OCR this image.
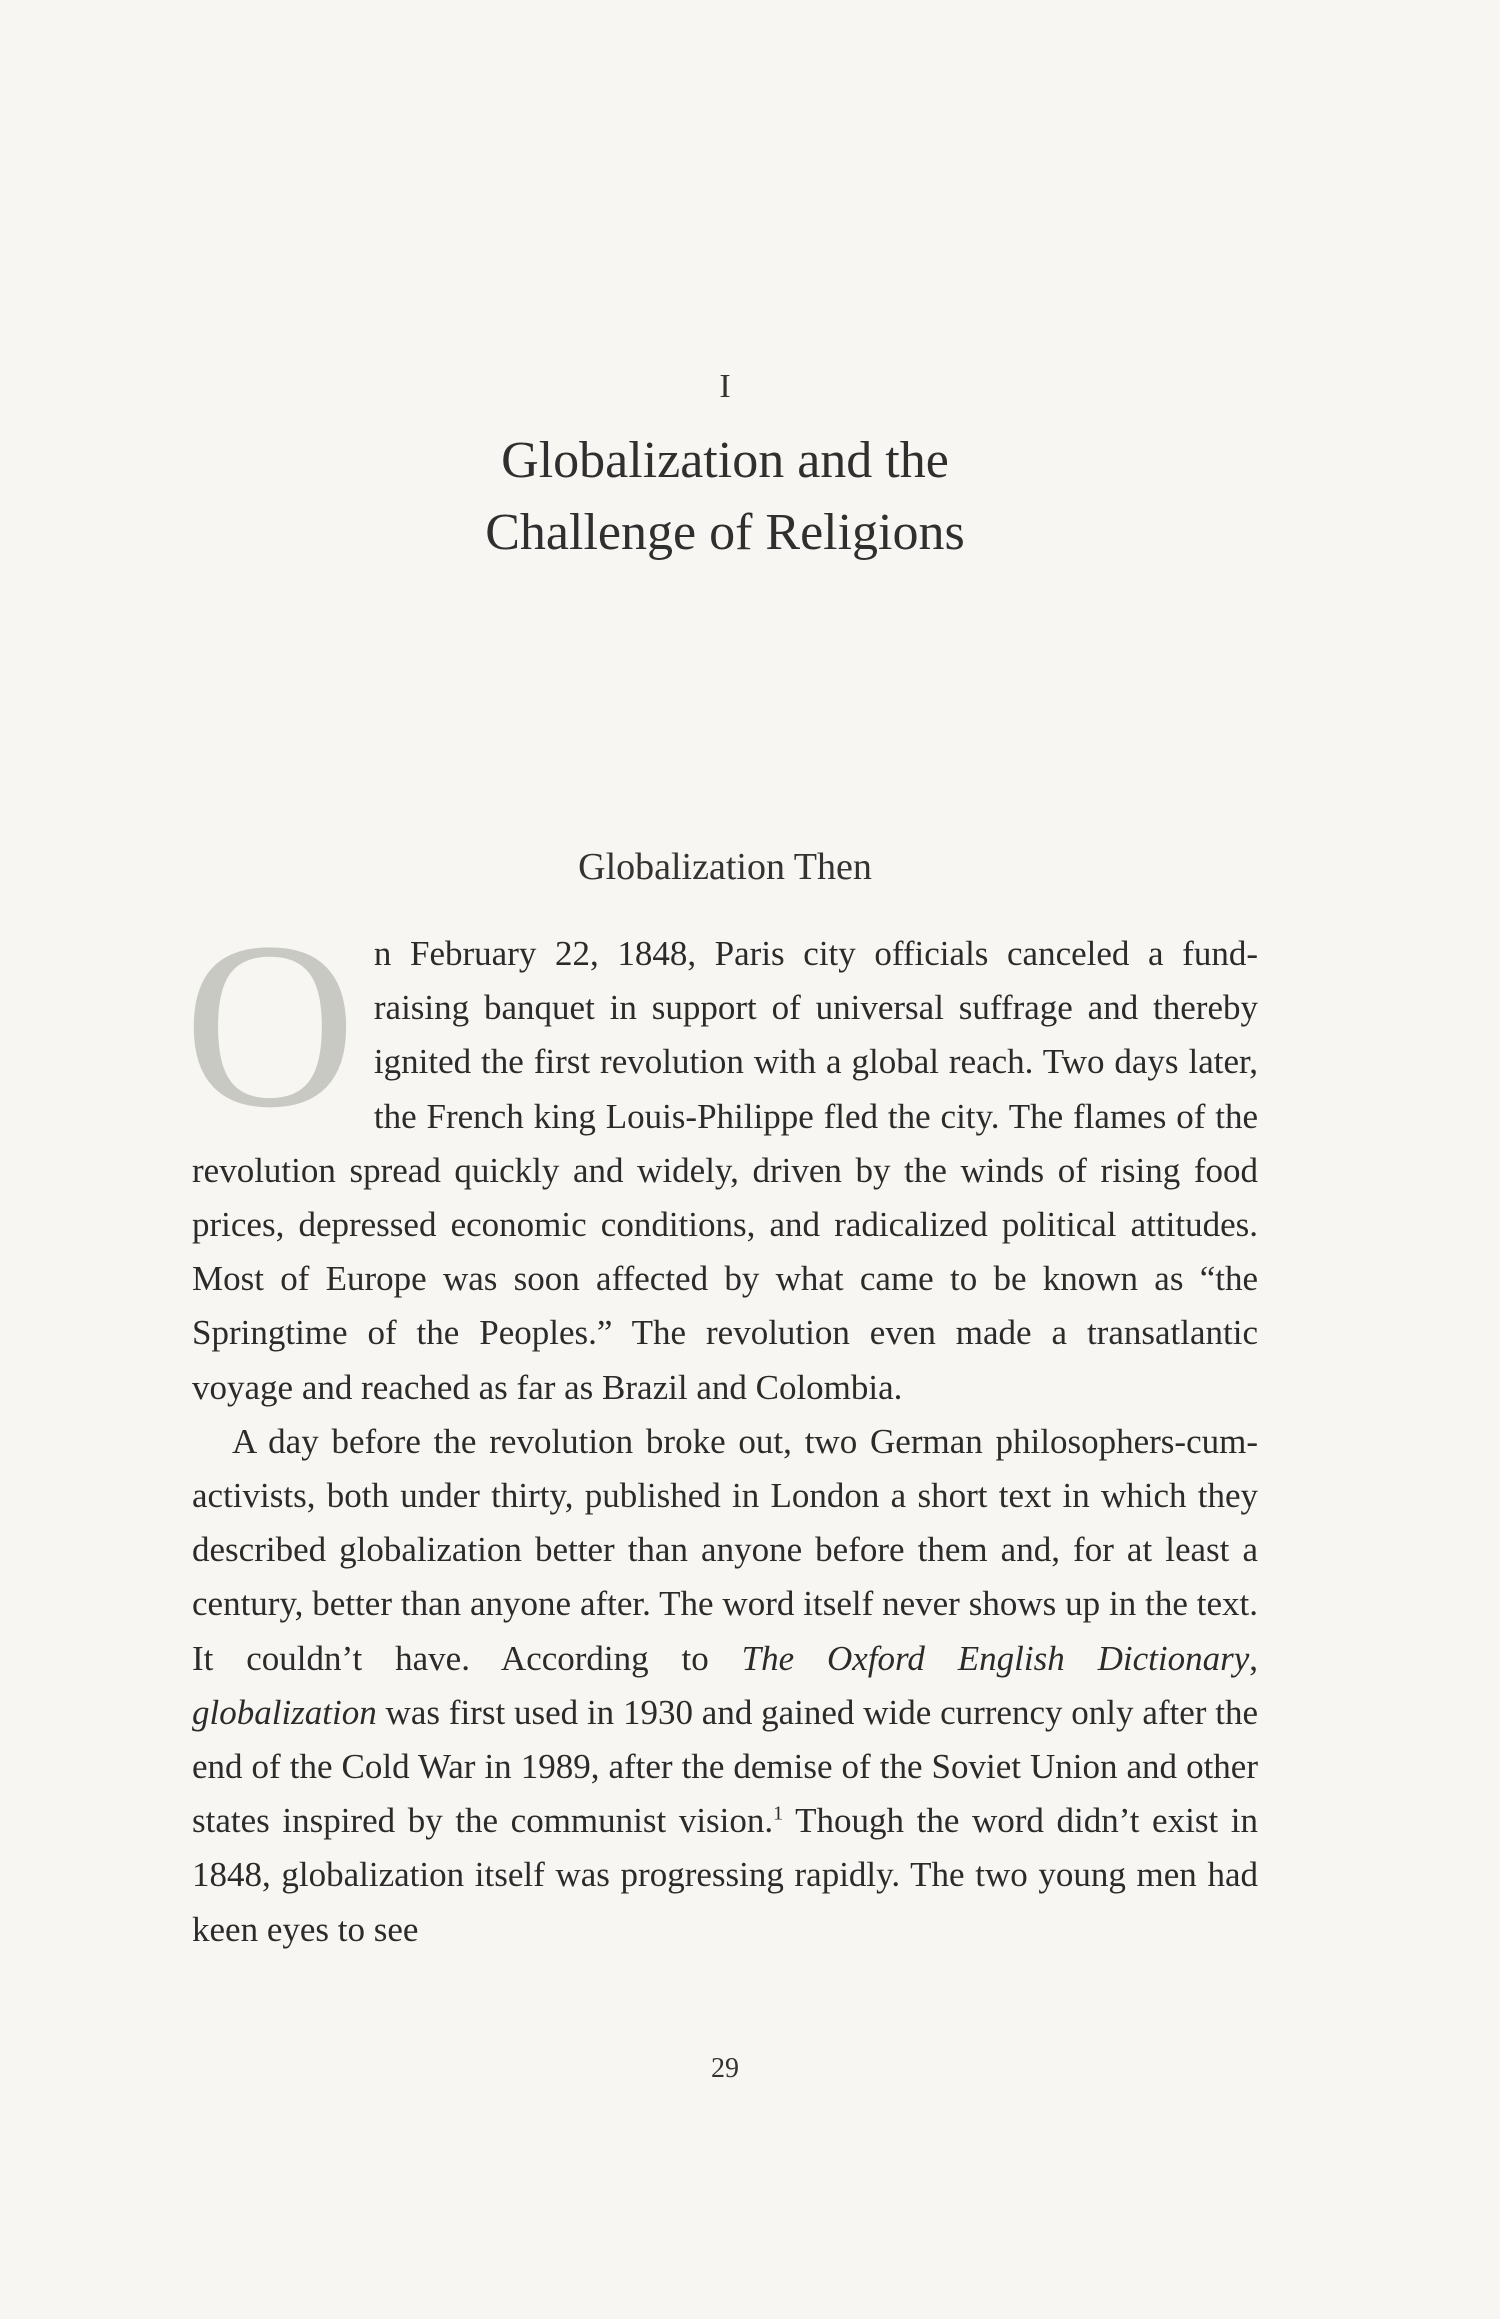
I
Globalization and the
Challenge of Religions
Globalization Then

On February 22, 1848, Paris city officials canceled a fund-raising banquet in support of universal suffrage and thereby ignited the first revolution with a global reach. Two days later, the French king Louis-Philippe fled the city. The flames of the revolution spread quickly and widely, driven by the winds of rising food prices, depressed economic conditions, and radicalized political attitudes. Most of Europe was soon affected by what came to be known as “the Springtime of the Peoples.” The revolution even made a transatlantic voyage and reached as far as Brazil and Colombia.

A day before the revolution broke out, two German philosophers-cum-activists, both under thirty, published in London a short text in which they described globalization better than anyone before them and, for at least a century, better than anyone after. The word itself never shows up in the text. It couldn’t have. According to The Oxford English Dictionary, globalization was first used in 1930 and gained wide currency only after the end of the Cold War in 1989, after the demise of the Soviet Union and other states inspired by the communist vision.$^1$ Though the word didn’t exist in 1848, globalization itself was progressing rapidly. The two young men had keen eyes to see

29
